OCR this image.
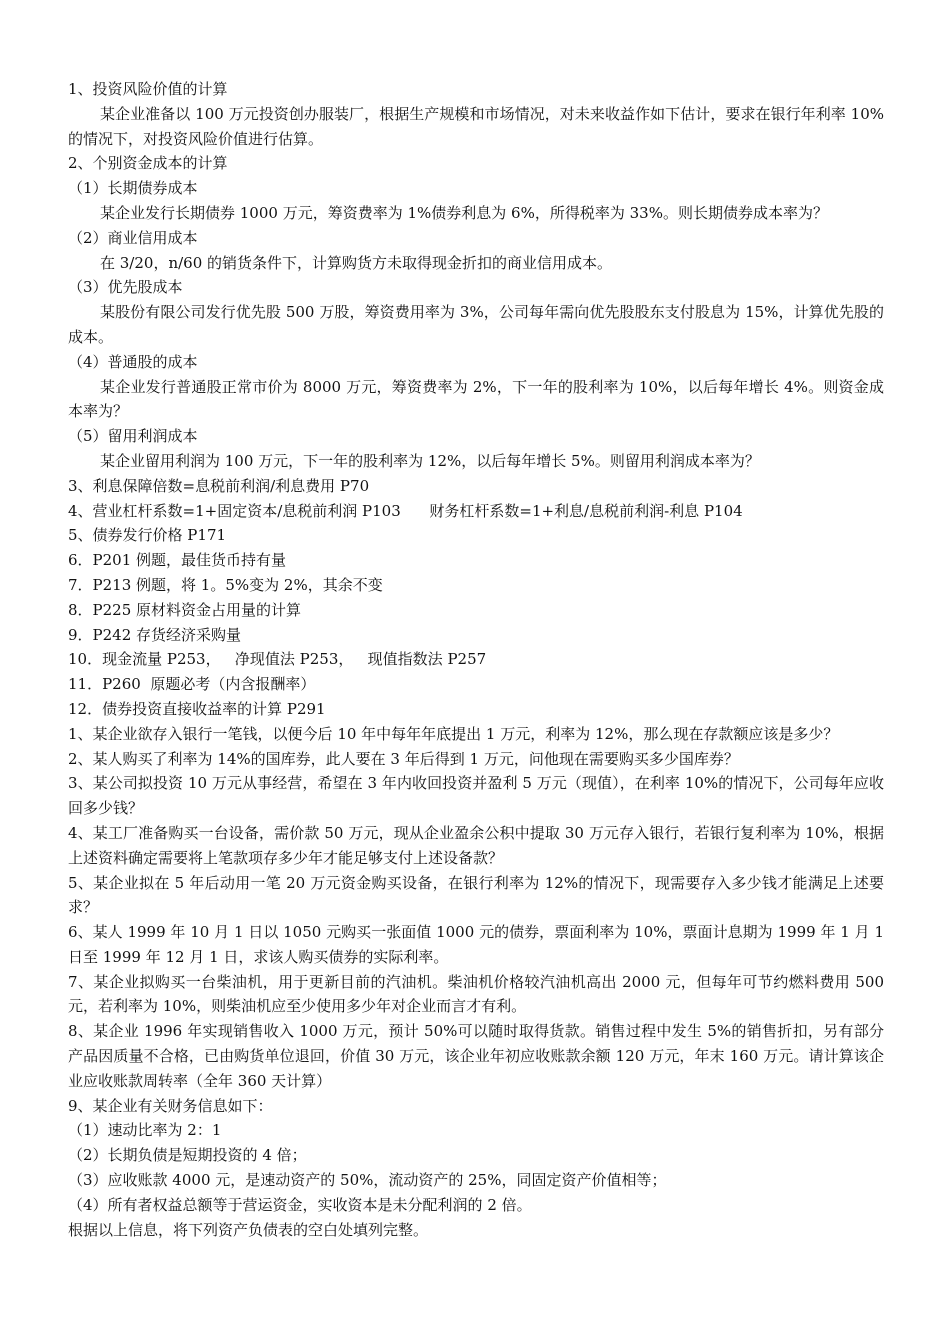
1、投资风险价值的计算

某企业准备以 100 万元投资创办服装厂，根据生产规模和市场情况，对未来收益作如下估计，要求在银行年利率 10%的情况下，对投资风险价值进行估算。

2、个别资金成本的计算

（1）长期债券成本

某企业发行长期债券 1000 万元，筹资费率为 1%债券利息为 6%，所得税率为 33%。则长期债券成本率为？

（2）商业信用成本

在 3/20，n/60 的销货条件下，计算购货方未取得现金折扣的商业信用成本。

（3）优先股成本

某股份有限公司发行优先股 500 万股，筹资费用率为 3%，公司每年需向优先股股东支付股息为 15%，计算优先股的成本。

（4）普通股的成本

某企业发行普通股正常市价为 8000 万元，筹资费率为 2%，下一年的股利率为 10%，以后每年增长 4%。则资金成本率为？

（5）留用利润成本

某企业留用利润为 100 万元，下一年的股利率为 12%，以后每年增长 5%。则留用利润成本率为？

3、利息保障倍数=息税前利润/利息费用 P70

4、营业杠杆系数=1+固定资本/息税前利润 P103      财务杠杆系数=1+利息/息税前利润-利息 P104

5、债券发行价格 P171

6．P201 例题，最佳货币持有量

7．P213 例题，将 1。5%变为 2%，其余不变

8．P225 原材料资金占用量的计算

9．P242 存货经济采购量

10．现金流量 P253，   净现值法 P253，   现值指数法 P257

11．P260  原题必考（内含报酬率）

12．债券投资直接收益率的计算 P291

1、某企业欲存入银行一笔钱，以便今后 10 年中每年年底提出 1 万元，利率为 12%，那么现在存款额应该是多少？

2、某人购买了利率为 14%的国库券，此人要在 3 年后得到 1 万元，问他现在需要购买多少国库券？

3、某公司拟投资 10 万元从事经营，希望在 3 年内收回投资并盈利 5 万元（现值），在利率 10%的情况下，公司每年应收回多少钱？

4、某工厂准备购买一台设备，需价款 50 万元，现从企业盈余公积中提取 30 万元存入银行，若银行复利率为 10%，根据上述资料确定需要将上笔款项存多少年才能足够支付上述设备款？

5、某企业拟在 5 年后动用一笔 20 万元资金购买设备，在银行利率为 12%的情况下，现需要存入多少钱才能满足上述要求？

6、某人 1999 年 10 月 1 日以 1050 元购买一张面值 1000 元的债券，票面利率为 10%，票面计息期为 1999 年 1 月 1 日至 1999 年 12 月 1 日，求该人购买债券的实际利率。

7、某企业拟购买一台柴油机，用于更新目前的汽油机。柴油机价格较汽油机高出 2000 元，但每年可节约燃料费用 500 元，若利率为 10%，则柴油机应至少使用多少年对企业而言才有利。

8、某企业 1996 年实现销售收入 1000 万元，预计 50%可以随时取得货款。销售过程中发生 5%的销售折扣，另有部分产品因质量不合格，已由购货单位退回，价值 30 万元，该企业年初应收账款余额 120 万元，年末 160 万元。请计算该企业应收账款周转率（全年 360 天计算）

9、某企业有关财务信息如下：

（1）速动比率为 2：1

（2）长期负债是短期投资的 4 倍；

（3）应收账款 4000 元，是速动资产的 50%，流动资产的 25%，同固定资产价值相等；

（4）所有者权益总额等于营运资金，实收资本是未分配利润的 2 倍。

根据以上信息，将下列资产负债表的空白处填列完整。
